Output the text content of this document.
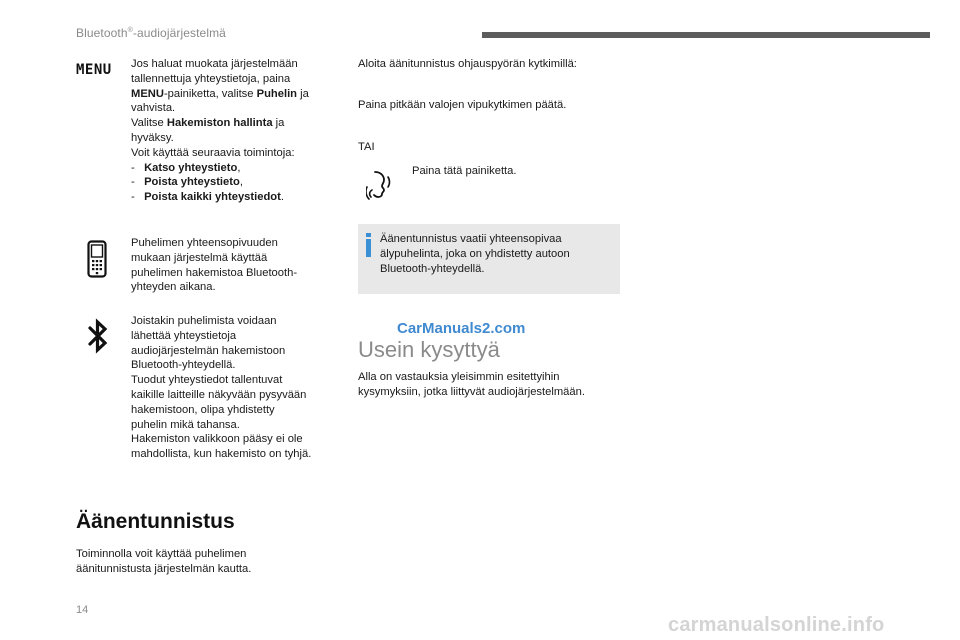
Bluetooth®-audiojärjestelmä
MENU Jos haluat muokata järjestelmään

tallennettuja yhteystietoja, paina

MENU-painiketta, valitse Puhelin ja

vahvista.

Valitse Hakemiston hallinta ja

hyväksy.

Voit käyttää seuraavia toimintoja:

- Katso yhteystieto,

- Poista yhteystieto,

- Poista kaikki yhteystiedot.

Puhelimen yhteensopivuuden

mukaan järjestelmä käyttää

puhelimen hakemistoa Bluetooth-

yhteyden aikana.

Joistakin puhelimista voidaan

lähettää yhteystietoja

audiojärjestelmän hakemistoon

Bluetooth-yhteydellä.

Tuodut yhteystiedot tallentuvat

kaikille laitteille näkyvään pysyvään

hakemistoon, olipa yhdistetty

puhelin mikä tahansa.

Hakemiston valikkoon pääsy ei ole

mahdollista, kun hakemisto on tyhjä.

Äänentunnistus

Toiminnolla voit käyttää puhelimen

äänitunnistusta järjestelmän kautta.

Aloita äänitunnistus ohjauspyörän kytkimillä:
Paina pitkään valojen vipukytkimen päätä.
TAI
Paina tätä painiketta.

Äänentunnistus vaatii yhteensopivaa

älypuhelinta, joka on yhdistetty autoon

Bluetooth-yhteydellä.

CarManuals2.com
Usein kysyttyä

Alla on vastauksia yleisimmin esitettyihin

kysymyksiin, jotka liittyvät audiojärjestelmään.

14
carmanualsonline.info
